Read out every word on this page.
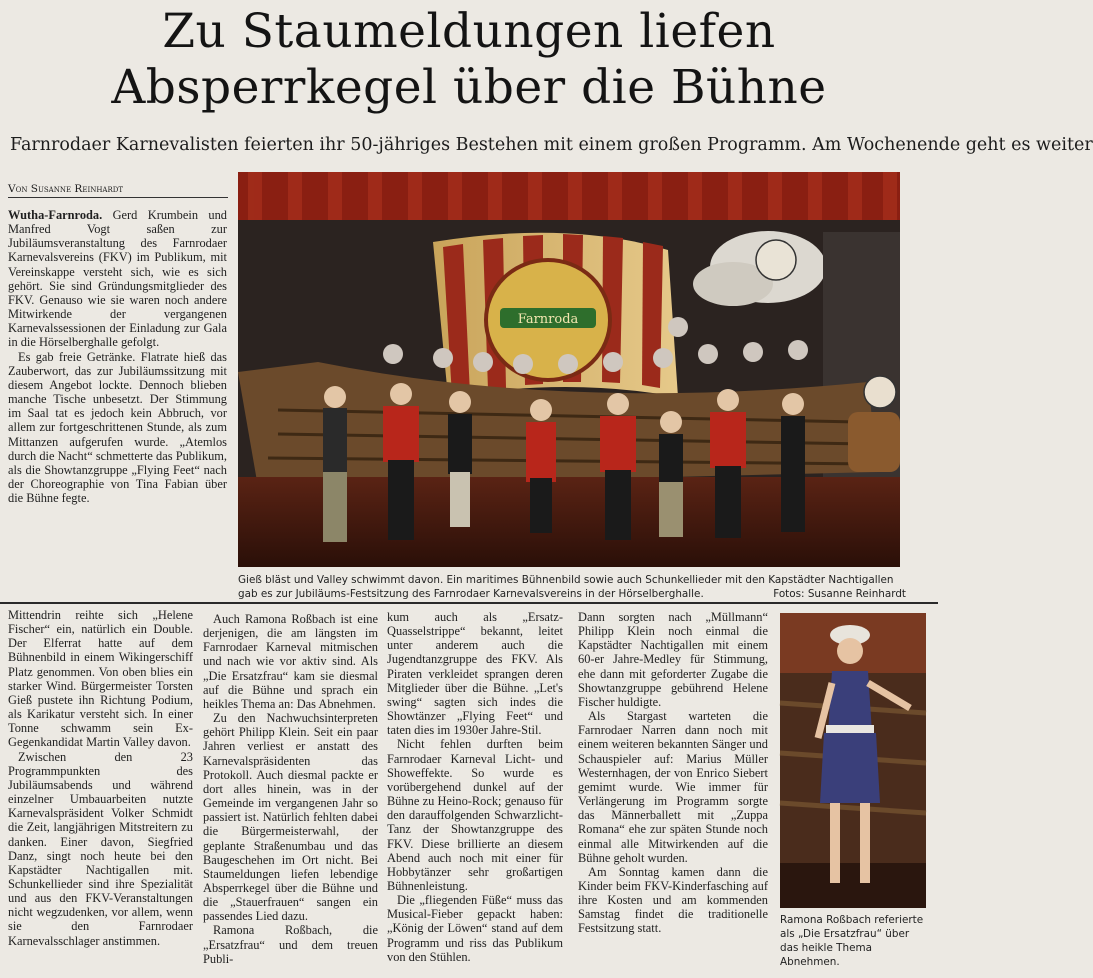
Zu Staumeldungen liefen
Absperrkegel über die Bühne
Farnrodaer Karnevalisten feierten ihr 50-jähriges Bestehen mit einem großen Programm. Am Wochenende geht es weiter
Von Susanne Reinhardt

Wutha-Farnroda. Gerd Krumbein und Manfred Vogt saßen zur Jubiläumsveranstaltung des Farnrodaer Karnevalsvereins (FKV) im Publikum, mit Vereinskappe versteht sich, wie es sich gehört. Sie sind Gründungsmitglieder des FKV. Genauso wie sie waren noch andere Mitwirkende der vergangenen Karnevalssessionen der Einladung zur Gala in die Hörselberghalle gefolgt.

Es gab freie Getränke. Flatrate hieß das Zauberwort, das zur Jubiläumssitzung mit diesem Angebot lockte. Dennoch blieben manche Tische unbesetzt. Der Stimmung im Saal tat es jedoch kein Abbruch, vor allem zur fortgeschrittenen Stunde, als zum Mittanzen aufgerufen wurde. „Atemlos durch die Nacht“ schmetterte das Publikum, als die Showtanzgruppe „Flying Feet“ nach der Choreographie von Tina Fabian über die Bühne fegte.

Farnroda
Gieß bläst und Valley schwimmt davon. Ein maritimes Bühnenbild sowie auch Schunkellieder mit den Kapstädter Nachtigallen gab es zur Jubiläums-Festsitzung des Farnrodaer Karnevalsvereins in der Hörselberghalle.	Fotos: Susanne Reinhardt

Mittendrin reihte sich „Helene Fischer“ ein, natürlich ein Double. Der Elferrat hatte auf dem Bühnenbild in einem Wikingerschiff Platz genommen. Von oben blies ein starker Wind. Bürgermeister Torsten Gieß pustete ihn Richtung Podium, als Karikatur versteht sich. In einer Tonne schwamm sein Ex-Gegenkandidat Martin Valley davon.

Zwischen den 23 Programmpunkten des Jubiläumsabends und während einzelner Umbauarbeiten nutzte Karnevalspräsident Volker Schmidt die Zeit, langjährigen Mitstreitern zu danken. Einer davon, Siegfried Danz, singt noch heute bei den Kapstädter Nachtigallen mit. Schunkellieder sind ihre Spezialität und aus den FKV-Veranstaltungen nicht wegzudenken, vor allem, wenn sie den Farnrodaer Karnevalsschlager anstimmen.

Auch Ramona Roßbach ist eine derjenigen, die am längsten im Farnrodaer Karneval mitmischen und nach wie vor aktiv sind. Als „Die Ersatzfrau“ kam sie diesmal auf die Bühne und sprach ein heikles Thema an: Das Abnehmen.

Zu den Nachwuchsinterpreten gehört Philipp Klein. Seit ein paar Jahren verliest er anstatt des Karnevalspräsidenten das Protokoll. Auch diesmal packte er dort alles hinein, was in der Gemeinde im vergangenen Jahr so passiert ist. Natürlich fehlten dabei die Bürgermeisterwahl, der geplante Straßenumbau und das Baugeschehen im Ort nicht. Bei Staumeldungen liefen lebendige Absperrkegel über die Bühne und die „Stauerfrauen“ sangen ein passendes Lied dazu.

Ramona Roßbach, die „Ersatzfrau“ und dem treuen Publi-

kum auch als „Ersatz-Quasselstrippe“ bekannt, leitet unter anderem auch die Jugendtanzgruppe des FKV. Als Piraten verkleidet sprangen deren Mitglieder über die Bühne. „Let's swing“ sagten sich indes die Showtänzer „Flying Feet“ und taten dies im 1930er Jahre-Stil.

Nicht fehlen durften beim Farnrodaer Karneval Licht- und Showeffekte. So wurde es vorübergehend dunkel auf der Bühne zu Heino-Rock; genauso für den darauffolgenden Schwarzlicht-Tanz der Showtanzgruppe des FKV. Diese brillierte an diesem Abend auch noch mit einer für Hobbytänzer sehr großartigen Bühnenleistung.

Die „fliegenden Füße“ muss das Musical-Fieber gepackt haben: „König der Löwen“ stand auf dem Programm und riss das Publikum von den Stühlen.

Dann sorgten nach „Müllmann“ Philipp Klein noch einmal die Kapstädter Nachtigallen mit einem 60-er Jahre-Medley für Stimmung, ehe dann mit geforderter Zugabe die Showtanzgruppe gebührend Helene Fischer huldigte.

Als Stargast warteten die Farnrodaer Narren dann noch mit einem weiteren bekannten Sänger und Schauspieler auf: Marius Müller Westernhagen, der von Enrico Siebert gemimt wurde. Wie immer für Verlängerung im Programm sorgte das Männerballett mit „Zuppa Romana“ ehe zur späten Stunde noch einmal alle Mitwirkenden auf die Bühne geholt wurden.

Am Sonntag kamen dann die Kinder beim FKV-Kinderfasching auf ihre Kosten und am kommenden Samstag findet die traditionelle Festsitzung statt.

Ramona Roßbach referierte als „Die Ersatzfrau“ über das heikle Thema Abnehmen.
